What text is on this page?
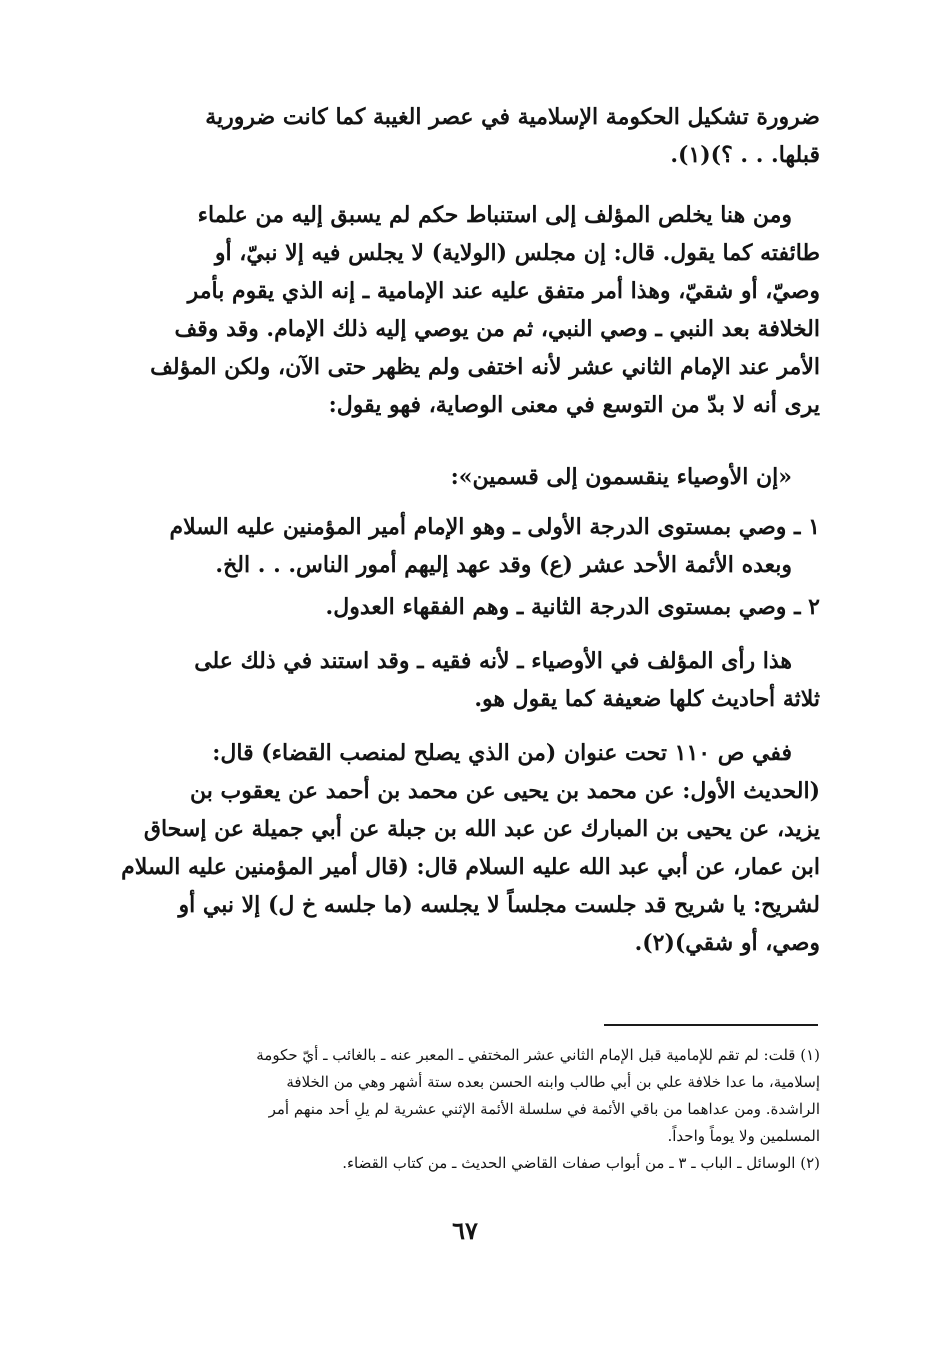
ضرورة تشكيل الحكومة الإسلامية في عصر الغيبة كما كانت ضرورية
قبلها. . . ؟)(١).
ومن هنا يخلص المؤلف إلى استنباط حكم لم يسبق إليه من علماء
طائفته كما يقول. قال: إن مجلس (الولاية) لا يجلس فيه إلا نبيّ، أو
وصيّ، أو شقيّ، وهذا أمر متفق عليه عند الإمامية ـ إنه الذي يقوم بأمر
الخلافة بعد النبي ـ وصي النبي، ثم من يوصي إليه ذلك الإمام. وقد وقف
الأمر عند الإمام الثاني عشر لأنه اختفى ولم يظهر حتى الآن، ولكن المؤلف
يرى أنه لا بدّ من التوسع في معنى الوصاية، فهو يقول:
«إن الأوصياء ينقسمون إلى قسمين»:
١ ـ وصي بمستوى الدرجة الأولى ـ وهو الإمام أمير المؤمنين عليه السلام
وبعده الأئمة الأحد عشر (ع) وقد عهد إليهم أمور الناس. . . الخ.
٢ ـ وصي بمستوى الدرجة الثانية ـ وهم الفقهاء العدول.
هذا رأى المؤلف في الأوصياء ـ لأنه فقيه ـ وقد استند في ذلك على
ثلاثة أحاديث كلها ضعيفة كما يقول هو.
ففي ص ١١٠ تحت عنوان (من الذي يصلح لمنصب القضاء) قال:
(الحديث الأول: عن محمد بن يحيى عن محمد بن أحمد عن يعقوب بن
يزيد، عن يحيى بن المبارك عن عبد الله بن جبلة عن أبي جميلة عن إسحاق
ابن عمار، عن أبي عبد الله عليه السلام قال: (قال أمير المؤمنين عليه السلام
لشريح: يا شريح قد جلست مجلساً لا يجلسه (ما جلسه خ ل) إلا نبي أو
وصي، أو شقي)(٢).
(١) قلت: لم تقم للإمامية قبل الإمام الثاني عشر المختفي ـ المعبر عنه ـ بالغائب ـ أيّ حكومة
إسلامية، ما عدا خلافة علي بن أبي طالب وابنه الحسن بعده ستة أشهر وهي من الخلافة
الراشدة. ومن عداهما من باقي الأئمة في سلسلة الأئمة الإثني عشرية لم يلِ أحد منهم أمر
المسلمين ولا يوماً واحداً.
(٢) الوسائل ـ الباب ـ ٣ ـ من أبواب صفات القاضي الحديث ـ من كتاب القضاء.
٦٧
